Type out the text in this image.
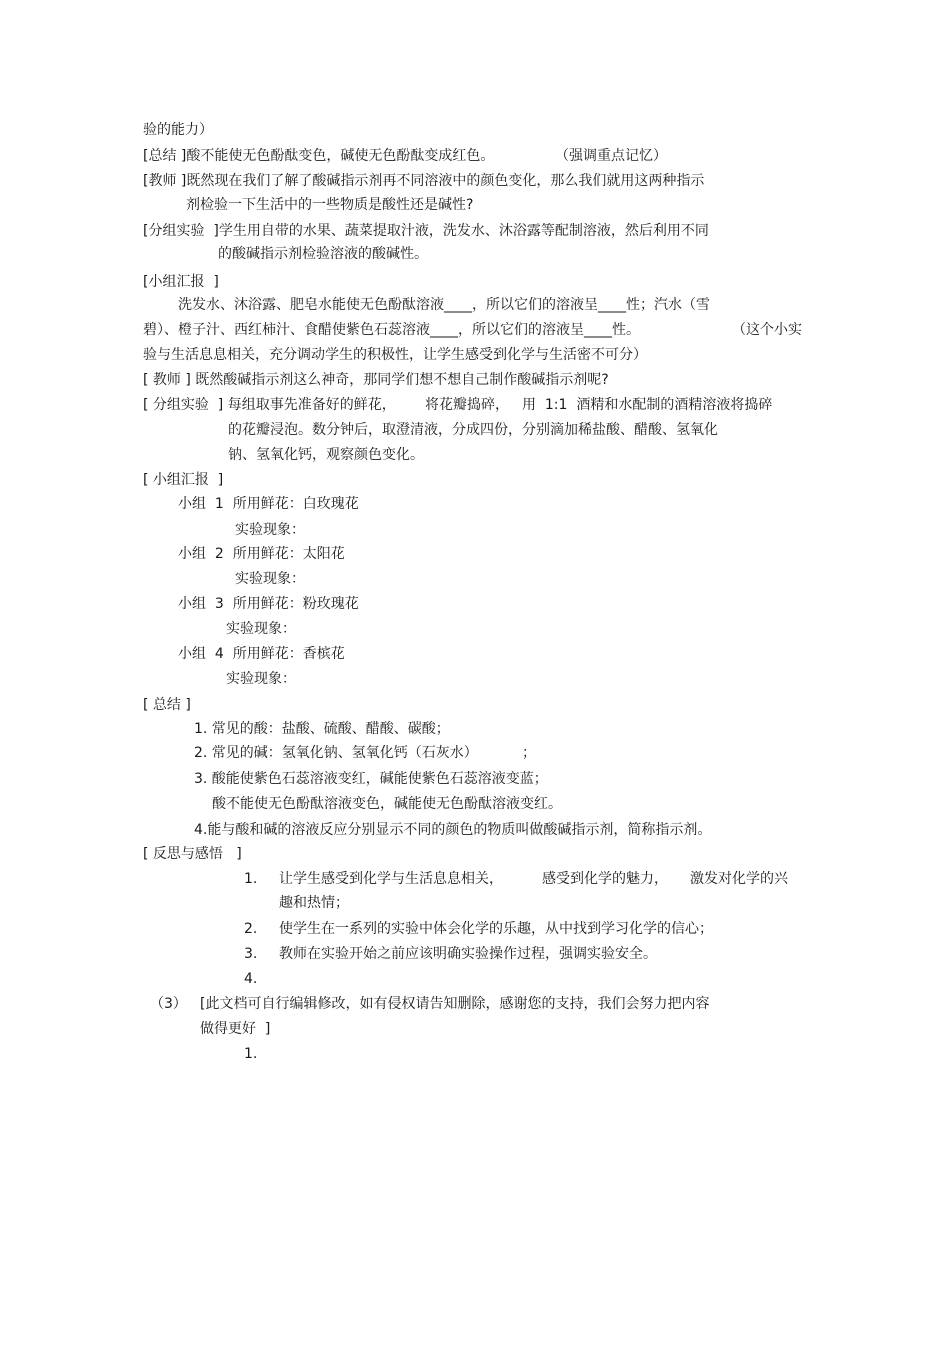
验的能力）
[总结 ]酸不能使无色酚酞变色，碱使无色酚酞变成红色。	（强调重点记忆）
[教师 ]既然现在我们了解了酸碱指示剂再不同溶液中的颜色变化，那么我们就用这两种指示
剂检验一下生活中的一些物质是酸性还是碱性?
[分组实验  ]学生用自带的水果、蔬菜提取汁液，洗发水、沐浴露等配制溶液，然后利用不同
的酸碱指示剂检验溶液的酸碱性。
[小组汇报  ]
洗发水、沐浴露、肥皂水能使无色酚酞溶液____，所以它们的溶液呈____性；汽水（雪
碧）、橙子汁、西红柿汁、食醋使紫色石蕊溶液____，所以它们的溶液呈____性。	（这个小实
验与生活息息相关，充分调动学生的积极性，让学生感受到化学与生活密不可分）
[ 教师 ] 既然酸碱指示剂这么神奇，那同学们想不想自己制作酸碱指示剂呢?
[ 分组实验  ] 每组取事先准备好的鲜花， 将花瓣捣碎， 用  1:1  酒精和水配制的酒精溶液将捣碎
的花瓣浸泡。数分钟后，取澄清液，分成四份，分别滴加稀盐酸、醋酸、氢氧化
钠、氢氧化钙，观察颜色变化。
[ 小组汇报  ]
小组  1  所用鲜花：白玫瑰花
实验现象：
小组  2  所用鲜花：太阳花
实验现象：
小组  3  所用鲜花：粉玫瑰花
实验现象：
小组  4  所用鲜花：香槟花
实验现象：
[ 总结 ]
1. 常见的酸：盐酸、硫酸、醋酸、碳酸；
2. 常见的碱：氢氧化钠、氢氧化钙（石灰水）	；
3. 酸能使紫色石蕊溶液变红，碱能使紫色石蕊溶液变蓝；
酸不能使无色酚酞溶液变色，碱能使无色酚酞溶液变红。
4.能与酸和碱的溶液反应分别显示不同的颜色的物质叫做酸碱指示剂，简称指示剂。
[ 反思与感悟   ]
1. 让学生感受到化学与生活息息相关，	感受到化学的魅力， 激发对化学的兴
趣和热情；
2. 使学生在一系列的实验中体会化学的乐趣，从中找到学习化学的信心；
3. 教师在实验开始之前应该明确实验操作过程，强调实验安全。
4.
（3） [此文档可自行编辑修改，如有侵权请告知删除，感谢您的支持，我们会努力把内容
做得更好  ]
1.
